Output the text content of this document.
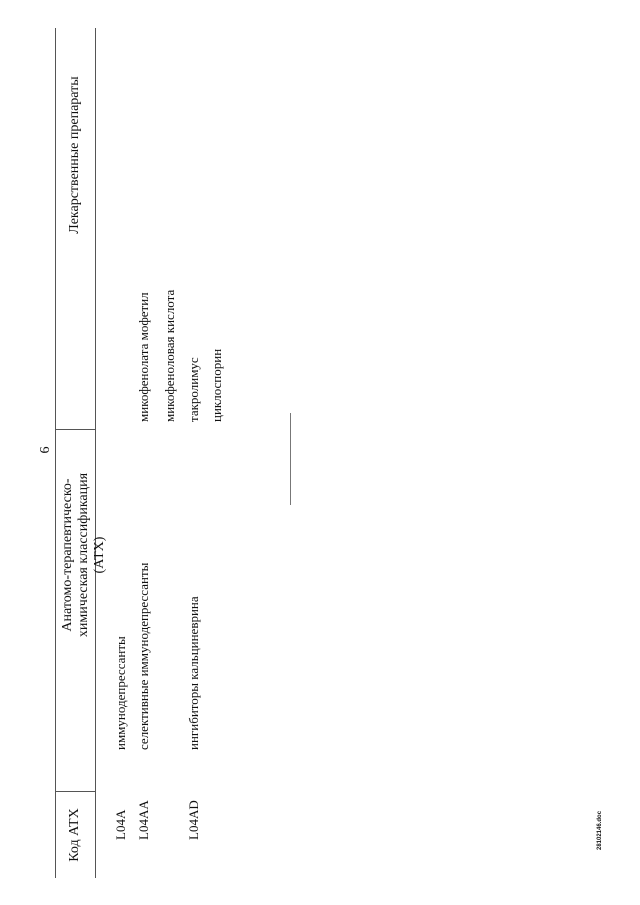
6
Код АТХ
Анатомо-терапевтическо-химическая классификация (АТХ)
Лекарственные препараты
L04A
иммунодепрессанты
L04AA
селективные иммунодепрессанты
микофенолата мофетил микофеноловая кислота
L04AD
ингибиторы кальциневрина
такролимус циклоспорин
28102146.doc
